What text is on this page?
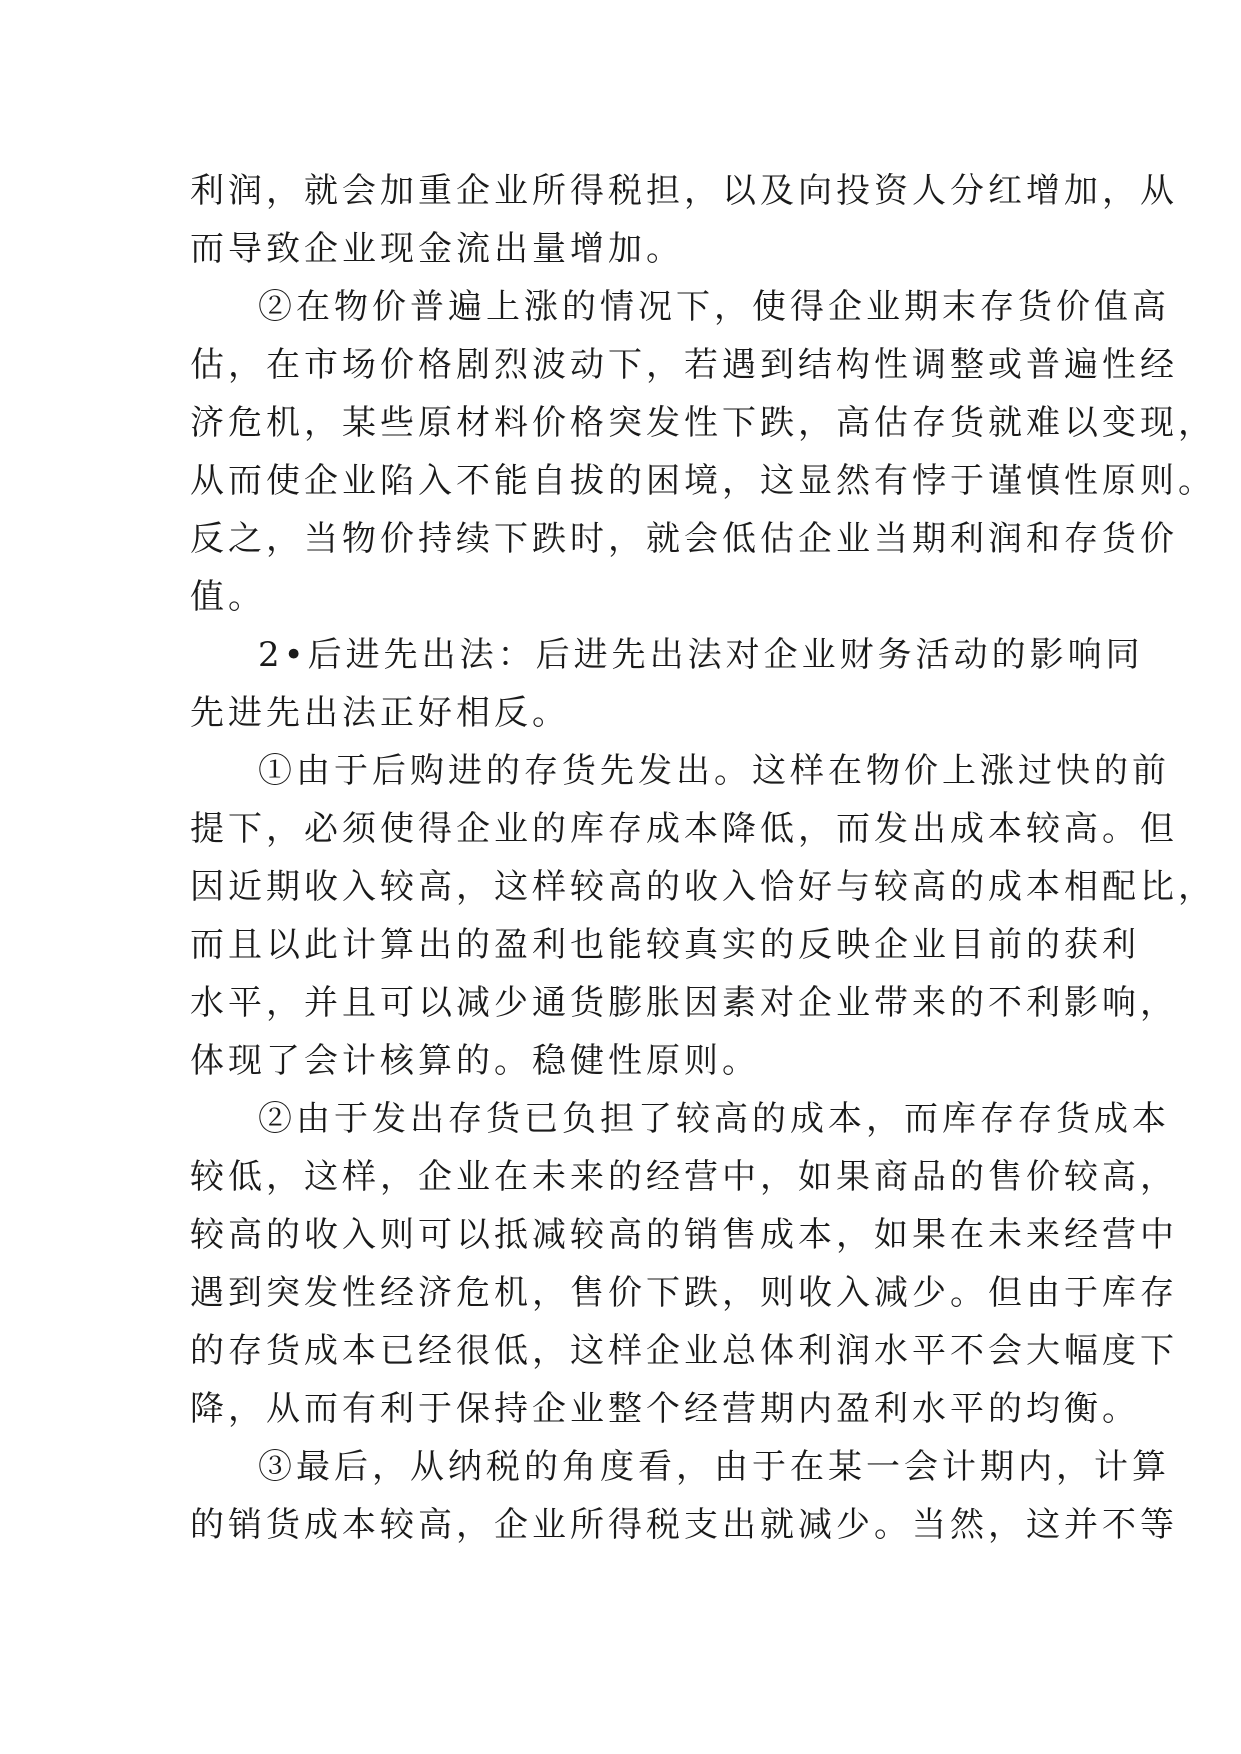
利润，就会加重企业所得税担，以及向投资人分红增加，从
而导致企业现金流出量增加。
②在物价普遍上涨的情况下，使得企业期末存货价值高
估，在市场价格剧烈波动下，若遇到结构性调整或普遍性经
济危机，某些原材料价格突发性下跌，高估存货就难以变现，
从而使企业陷入不能自拔的困境，这显然有悖于谨慎性原则。
反之，当物价持续下跌时，就会低估企业当期利润和存货价
值。
2•后进先出法：后进先出法对企业财务活动的影响同
先进先出法正好相反。
①由于后购进的存货先发出。这样在物价上涨过快的前
提下，必须使得企业的库存成本降低，而发出成本较高。但
因近期收入较高，这样较高的收入恰好与较高的成本相配比，
而且以此计算出的盈利也能较真实的反映企业目前的获利
水平，并且可以减少通货膨胀因素对企业带来的不利影响，
体现了会计核算的。稳健性原则。
②由于发出存货已负担了较高的成本，而库存存货成本
较低，这样，企业在未来的经营中，如果商品的售价较高，
较高的收入则可以抵减较高的销售成本，如果在未来经营中
遇到突发性经济危机，售价下跌，则收入减少。但由于库存
的存货成本已经很低，这样企业总体利润水平不会大幅度下
降，从而有利于保持企业整个经营期内盈利水平的均衡。
③最后，从纳税的角度看，由于在某一会计期内，计算
的销货成本较高，企业所得税支出就减少。当然，这并不等
